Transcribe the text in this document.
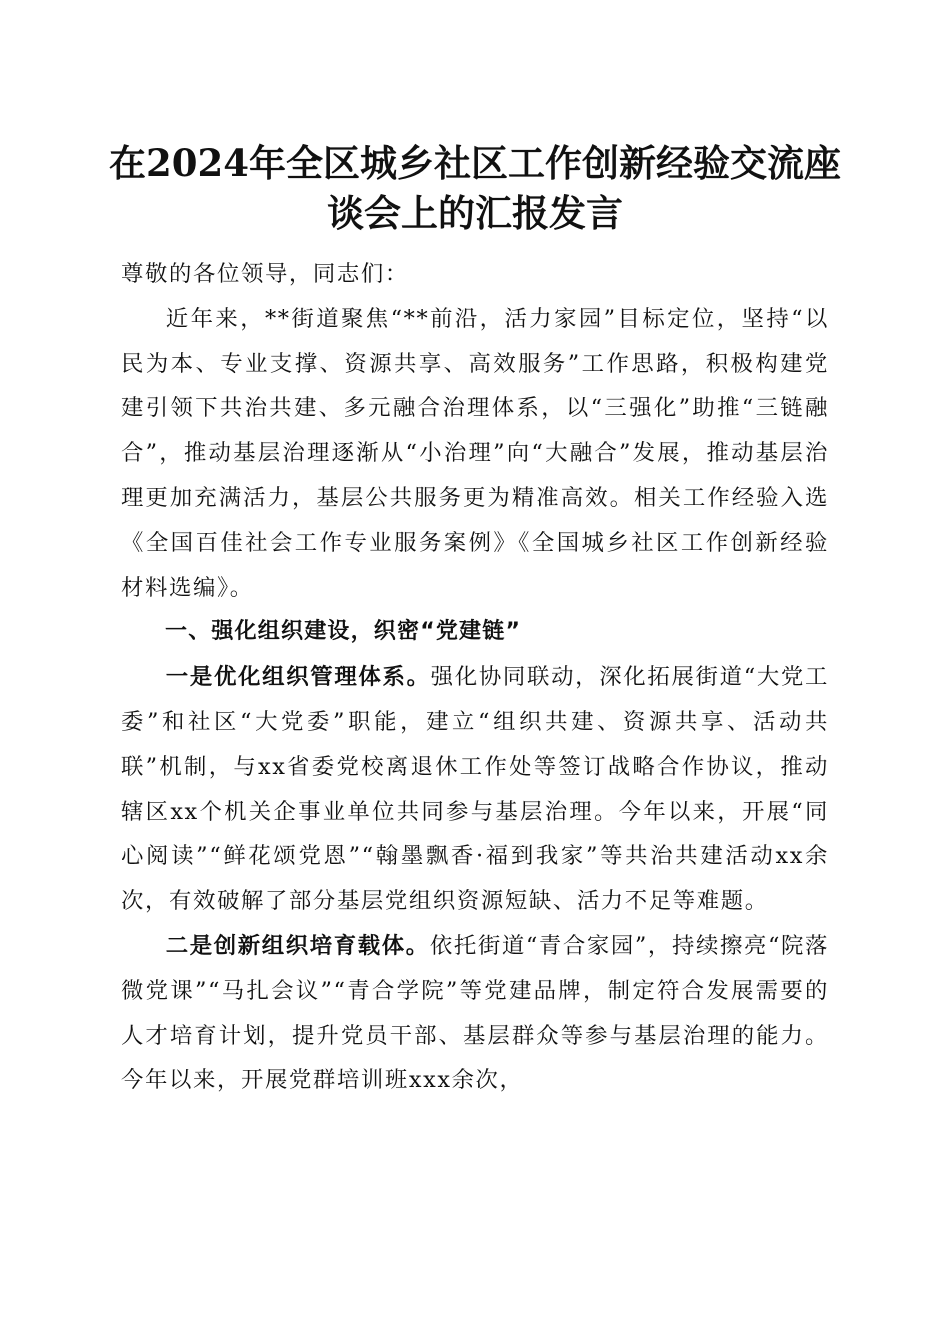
在2024年全区城乡社区工作创新经验交流座
谈会上的汇报发言

尊敬的各位领导，同志们：

近年来，**街道聚焦“**前沿，活力家园”目标定位，坚持“以民为本、专业支撑、资源共享、高效服务”工作思路，积极构建党建引领下共治共建、多元融合治理体系，以“三强化”助推“三链融合”，推动基层治理逐渐从“小治理”向“大融合”发展，推动基层治理更加充满活力，基层公共服务更为精准高效。相关工作经验入选《全国百佳社会工作专业服务案例》《全国城乡社区工作创新经验材料选编》。

一、强化组织建设，织密“党建链”

一是优化组织管理体系。强化协同联动，深化拓展街道“大党工委”和社区“大党委”职能，建立“组织共建、资源共享、活动共联”机制，与xx省委党校离退休工作处等签订战略合作协议，推动辖区xx个机关企事业单位共同参与基层治理。今年以来，开展“同心阅读”“鲜花颂党恩”“翰墨飘香·福到我家”等共治共建活动xx余次，有效破解了部分基层党组织资源短缺、活力不足等难题。

二是创新组织培育载体。依托街道“青合家园”，持续擦亮“院落微党课”“马扎会议”“青合学院”等党建品牌，制定符合发展需要的人才培育计划，提升党员干部、基层群众等参与基层治理的能力。今年以来，开展党群培训班xxx余次，
